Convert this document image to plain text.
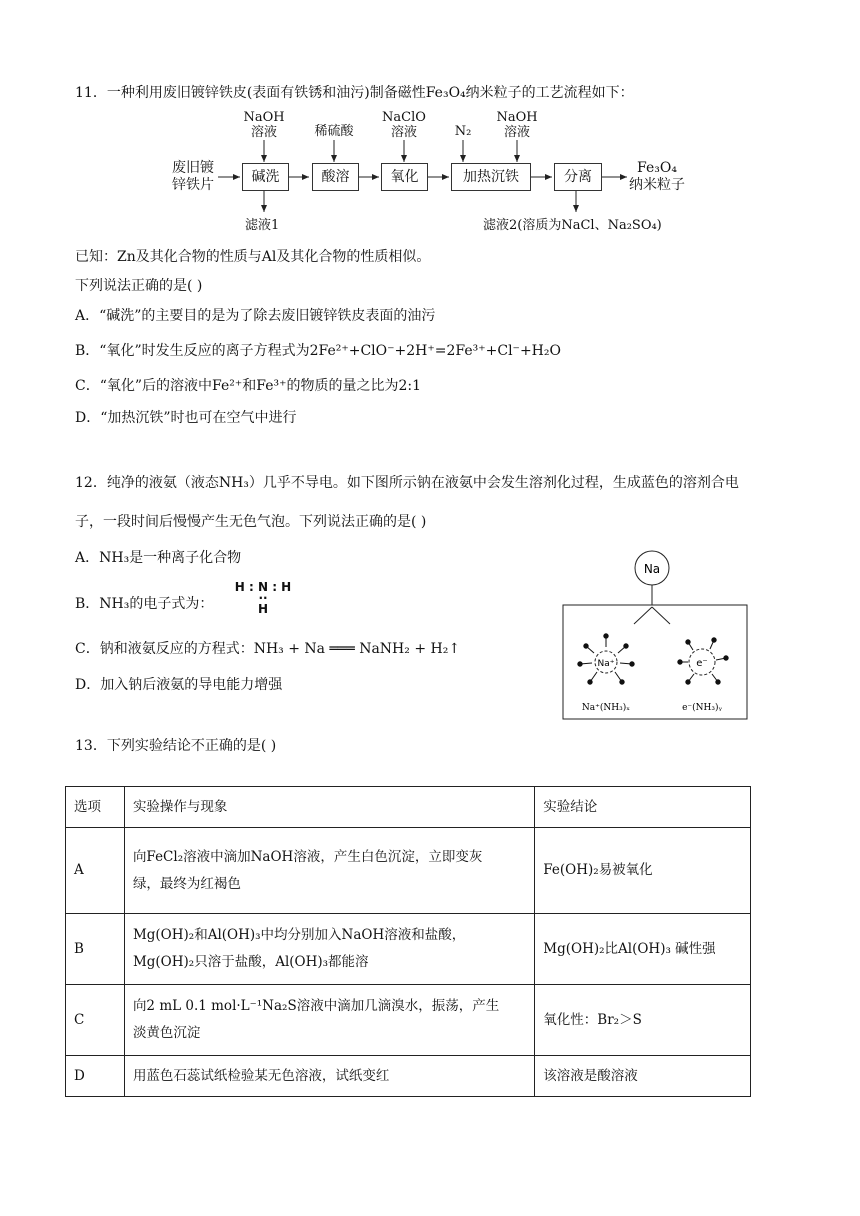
11．一种利用废旧镀锌铁皮(表面有铁锈和油污)制备磁性Fe₃O₄纳米粒子的工艺流程如下：
废旧镀
锌铁片	碱洗	酸溶	氧化	加热沉铁	分离
NaOH
溶液	稀硫酸
NaClO
溶液	N₂
NaOH
溶液
滤液1	滤液2(溶质为NaCl、Na₂SO₄)
Fe₃O₄
纳米粒子
已知：Zn及其化合物的性质与Al及其化合物的性质相似。
下列说法正确的是( )
A．“碱洗”的主要目的是为了除去废旧镀锌铁皮表面的油污
B．“氧化”时发生反应的离子方程式为2Fe²⁺+ClO⁻+2H⁺=2Fe³⁺+Cl⁻+H₂O
C．“氧化”后的溶液中Fe²⁺和Fe³⁺的物质的量之比为2:1
D．“加热沉铁”时也可在空气中进行
12．纯净的液氨（液态NH₃）几乎不导电。如下图所示钠在液氨中会发生溶剂化过程，生成蓝色的溶剂合电
子，一段时间后慢慢产生无色气泡。下列说法正确的是( )
A．NH₃是一种离子化合物
B．NH₃的电子式为：
H : N : H
··
H
C．钠和液氨反应的方程式：NH₃ + Na ═══ NaNH₂ + H₂↑
D．加入钠后液氨的导电能力增强
Na
Na⁺	e⁻
Na⁺(NH₃)ₓ	e⁻(NH₃)ᵧ
13．下列实验结论不正确的是( )
选项	实验操作与现象	实验结论
A	向FeCl₂溶液中滴加NaOH溶液，产生白色沉淀，立即变灰
绿，最终为红褐色	Fe(OH)₂易被氧化
B	Mg(OH)₂和Al(OH)₃中均分别加入NaOH溶液和盐酸，
Mg(OH)₂只溶于盐酸，Al(OH)₃都能溶	Mg(OH)₂比Al(OH)₃ 碱性强
C	向2 mL 0.1 mol·L⁻¹Na₂S溶液中滴加几滴溴水，振荡，产生
淡黄色沉淀	氧化性：Br₂＞S
D	用蓝色石蕊试纸检验某无色溶液，试纸变红	该溶液是酸溶液
